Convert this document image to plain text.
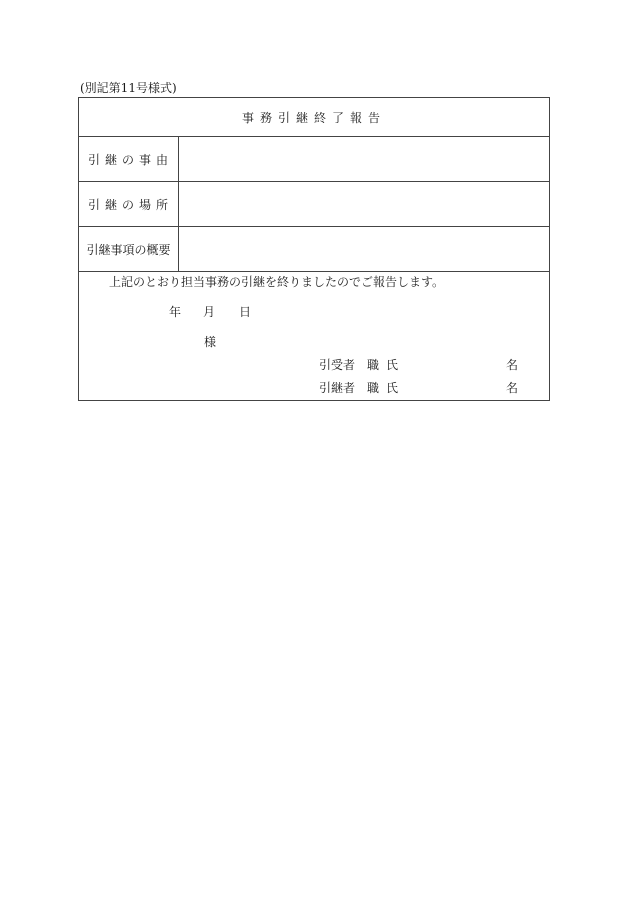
(別記第11号様式)
事務引継終了報告
引継の事由
引継の場所
引継事項の概要
上記のとおり担当事務の引継を終りましたのでご報告します。
年 月 日
様
引受者 職 氏	名
引継者 職 氏	名
